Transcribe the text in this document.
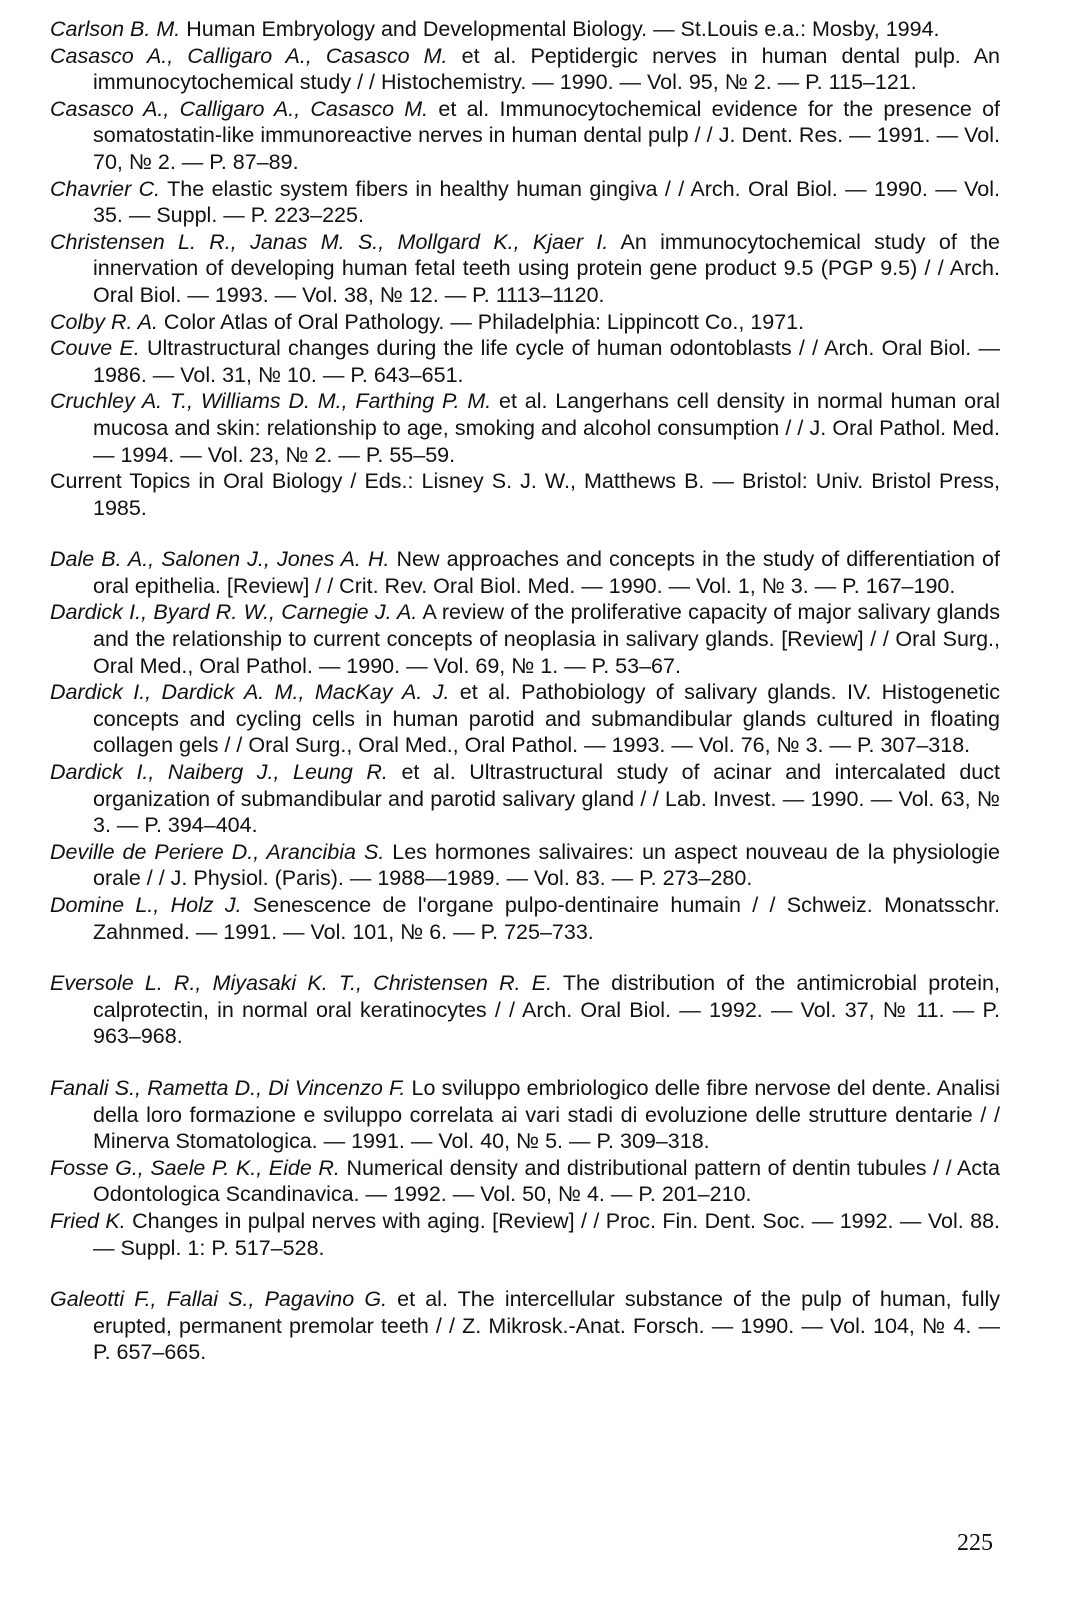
Carlson B. M. Human Embryology and Developmental Biology. — St.Louis e.a.: Mosby, 1994.

Casasco A., Calligaro A., Casasco M. et al. Peptidergic nerves in human dental pulp. An immunocytochemical study / / Histochemistry. — 1990. — Vol. 95, № 2. — P. 115–121.

Casasco A., Calligaro A., Casasco M. et al. Immunocytochemical evidence for the presence of somatostatin-like immunoreactive nerves in human dental pulp / / J. Dent. Res. — 1991. — Vol. 70, № 2. — P. 87–89.

Chavrier C. The elastic system fibers in healthy human gingiva / / Arch. Oral Biol. — 1990. — Vol. 35. — Suppl. — P. 223–225.

Christensen L. R., Janas M. S., Mollgard K., Kjaer I. An immunocytochemical study of the innervation of developing human fetal teeth using protein gene product 9.5 (PGP 9.5) / / Arch. Oral Biol. — 1993. — Vol. 38, № 12. — P. 1113–1120.

Colby R. A. Color Atlas of Oral Pathology. — Philadelphia: Lippincott Co., 1971.

Couve E. Ultrastructural changes during the life cycle of human odontoblasts / / Arch. Oral Biol. — 1986. — Vol. 31, № 10. — P. 643–651.

Cruchley A. T., Williams D. M., Farthing P. M. et al. Langerhans cell density in normal human oral mucosa and skin: relationship to age, smoking and alcohol consumption / / J. Oral Pathol. Med. — 1994. — Vol. 23, № 2. — P. 55–59.

Current Topics in Oral Biology / Eds.: Lisney S. J. W., Matthews B. — Bristol: Univ. Bristol Press, 1985.

Dale B. A., Salonen J., Jones A. H. New approaches and concepts in the study of differentiation of oral epithelia. [Review] / / Crit. Rev. Oral Biol. Med. — 1990. — Vol. 1, № 3. — P. 167–190.

Dardick I., Byard R. W., Carnegie J. A. A review of the proliferative capacity of major salivary glands and the relationship to current concepts of neoplasia in salivary glands. [Review] / / Oral Surg., Oral Med., Oral Pathol. — 1990. — Vol. 69, № 1. — P. 53–67.

Dardick I., Dardick A. M., MacKay A. J. et al. Pathobiology of salivary glands. IV. Histogenetic concepts and cycling cells in human parotid and submandibular glands cultured in floating collagen gels / / Oral Surg., Oral Med., Oral Pathol. — 1993. — Vol. 76, № 3. — P. 307–318.

Dardick I., Naiberg J., Leung R. et al. Ultrastructural study of acinar and intercalated duct organization of submandibular and parotid salivary gland / / Lab. Invest. — 1990. — Vol. 63, № 3. — P. 394–404.

Deville de Periere D., Arancibia S. Les hormones salivaires: un aspect nouveau de la physiologie orale / / J. Physiol. (Paris). — 1988—1989. — Vol. 83. — P. 273–280.

Domine L., Holz J. Senescence de l'organe pulpo-dentinaire humain / / Schweiz. Monatsschr. Zahnmed. — 1991. — Vol. 101, № 6. — P. 725–733.

Eversole L. R., Miyasaki K. T., Christensen R. E. The distribution of the antimicrobial protein, calprotectin, in normal oral keratinocytes / / Arch. Oral Biol. — 1992. — Vol. 37, № 11. — P. 963–968.

Fanali S., Rametta D., Di Vincenzo F. Lo sviluppo embriologico delle fibre nervose del dente. Analisi della loro formazione e sviluppo correlata ai vari stadi di evoluzione delle strutture dentarie / / Minerva Stomatologica. — 1991. — Vol. 40, № 5. — P. 309–318.

Fosse G., Saele P. K., Eide R. Numerical density and distributional pattern of dentin tubules / / Acta Odontologica Scandinavica. — 1992. — Vol. 50, № 4. — P. 201–210.

Fried K. Changes in pulpal nerves with aging. [Review] / / Proc. Fin. Dent. Soc. — 1992. — Vol. 88. — Suppl. 1: P. 517–528.

Galeotti F., Fallai S., Pagavino G. et al. The intercellular substance of the pulp of human, fully erupted, permanent premolar teeth / / Z. Mikrosk.-Anat. Forsch. — 1990. — Vol. 104, № 4. — P. 657–665.

225
